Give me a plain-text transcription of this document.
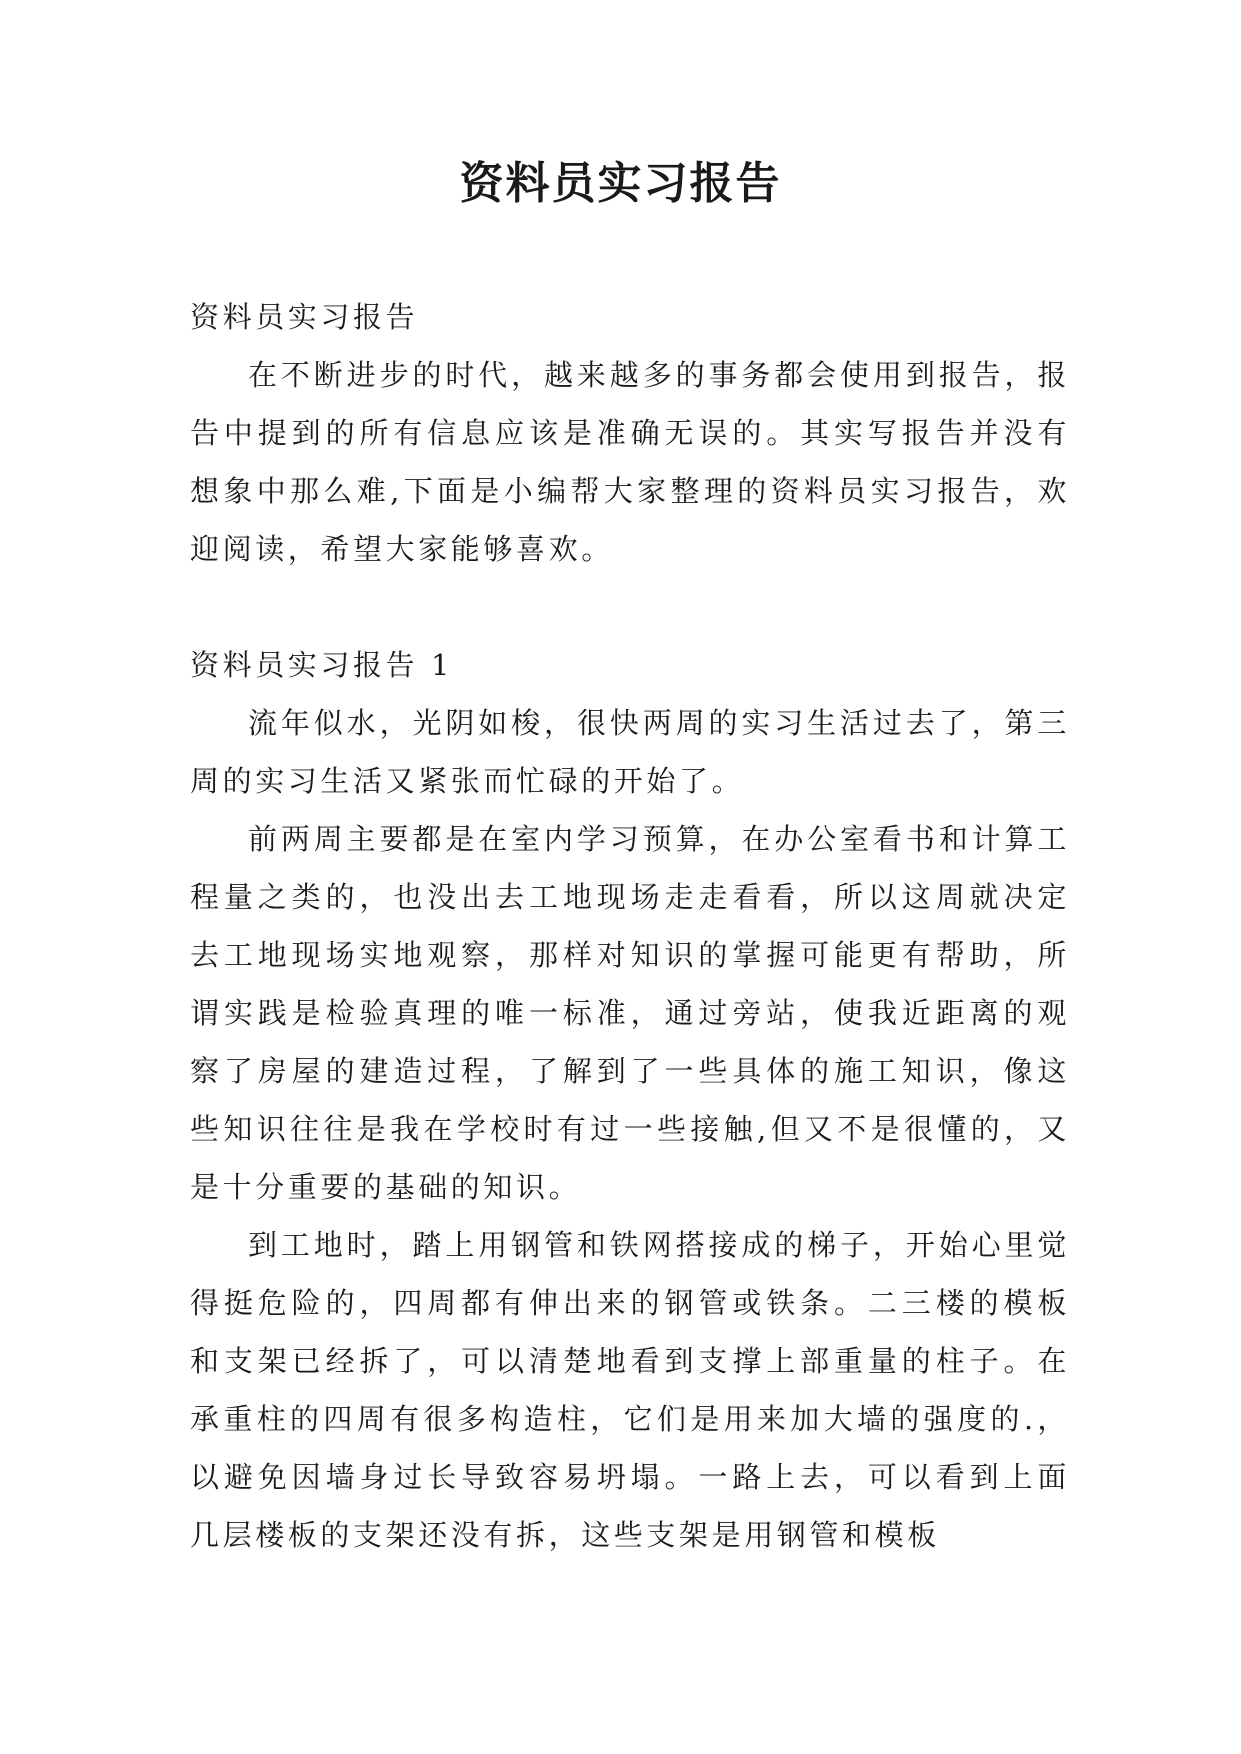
资料员实习报告

资料员实习报告

在不断进步的时代，越来越多的事务都会使用到报告，报告中提到的所有信息应该是准确无误的。其实写报告并没有想象中那么难,下面是小编帮大家整理的资料员实习报告，欢迎阅读，希望大家能够喜欢。

资料员实习报告 1

流年似水，光阴如梭，很快两周的实习生活过去了，第三周的实习生活又紧张而忙碌的开始了。

前两周主要都是在室内学习预算，在办公室看书和计算工程量之类的，也没出去工地现场走走看看，所以这周就决定去工地现场实地观察，那样对知识的掌握可能更有帮助，所谓实践是检验真理的唯一标准，通过旁站，使我近距离的观察了房屋的建造过程，了解到了一些具体的施工知识，像这些知识往往是我在学校时有过一些接触,但又不是很懂的，又是十分重要的基础的知识。

到工地时，踏上用钢管和铁网搭接成的梯子，开始心里觉得挺危险的，四周都有伸出来的钢管或铁条。二三楼的模板和支架已经拆了，可以清楚地看到支撑上部重量的柱子。在承重柱的四周有很多构造柱，它们是用来加大墙的强度的.，以避免因墙身过长导致容易坍塌。一路上去，可以看到上面几层楼板的支架还没有拆，这些支架是用钢管和模板
